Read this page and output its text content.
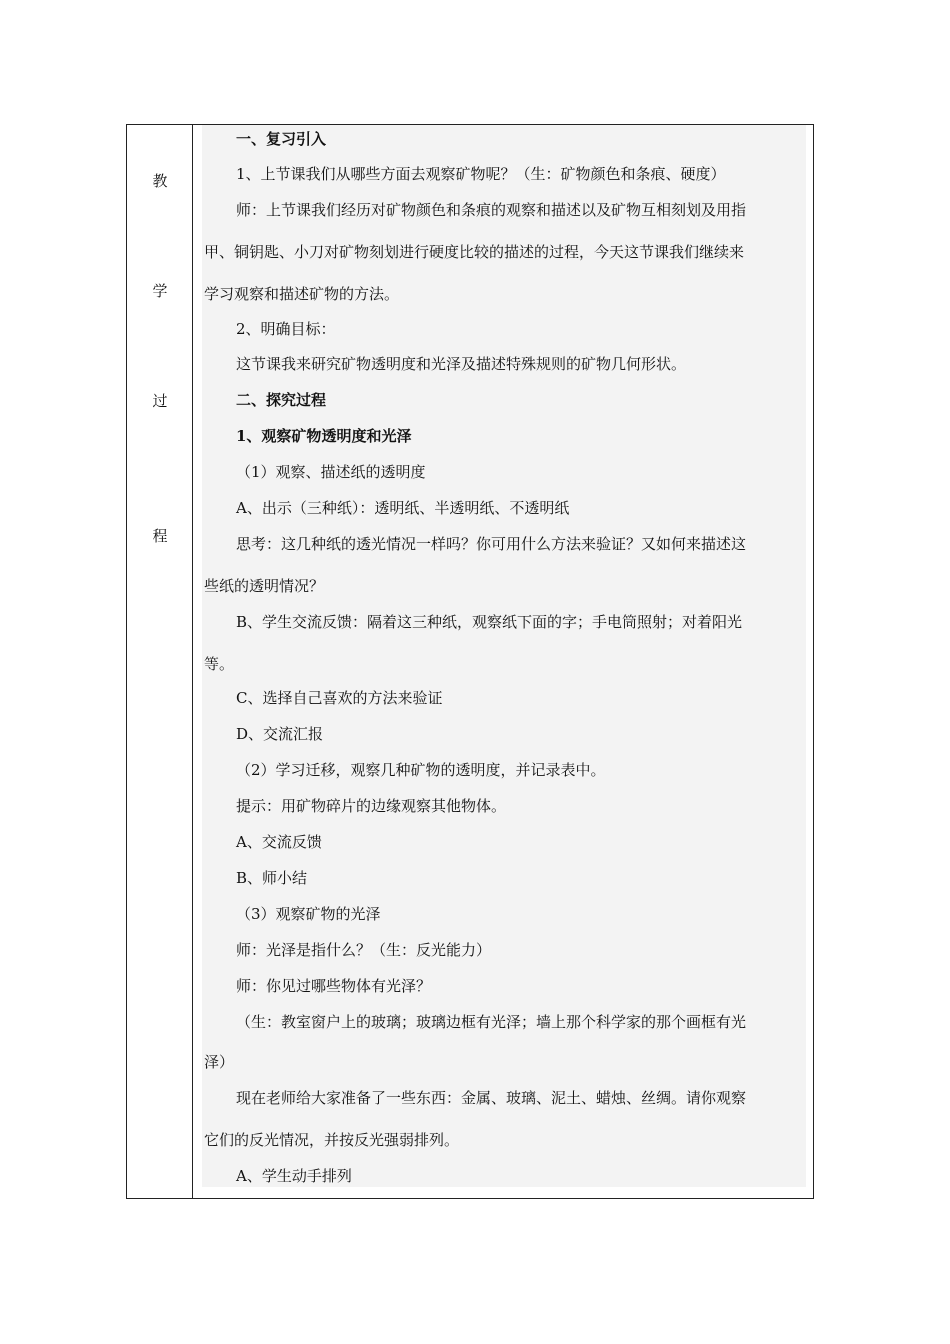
教
学
过
程
一、复习引入
1、上节课我们从哪些方面去观察矿物呢？（生：矿物颜色和条痕、硬度）
师：上节课我们经历对矿物颜色和条痕的观察和描述以及矿物互相刻划及用指
甲、铜钥匙、小刀对矿物刻划进行硬度比较的描述的过程，今天这节课我们继续来
学习观察和描述矿物的方法。
2、明确目标：
这节课我来研究矿物透明度和光泽及描述特殊规则的矿物几何形状。
二、探究过程
1、观察矿物透明度和光泽
（1）观察、描述纸的透明度
A、出示（三种纸）：透明纸、半透明纸、不透明纸
思考：这几种纸的透光情况一样吗？你可用什么方法来验证？又如何来描述这
些纸的透明情况？
B、学生交流反馈：隔着这三种纸，观察纸下面的字；手电筒照射；对着阳光
等。
C、选择自己喜欢的方法来验证
D、交流汇报
（2）学习迁移，观察几种矿物的透明度，并记录表中。
提示：用矿物碎片的边缘观察其他物体。
A、交流反馈
B、师小结
（3）观察矿物的光泽
师：光泽是指什么？（生：反光能力）
师：你见过哪些物体有光泽？
（生：教室窗户上的玻璃；玻璃边框有光泽；墙上那个科学家的那个画框有光
泽）
现在老师给大家准备了一些东西：金属、玻璃、泥土、蜡烛、丝绸。请你观察
它们的反光情况，并按反光强弱排列。
A、学生动手排列
